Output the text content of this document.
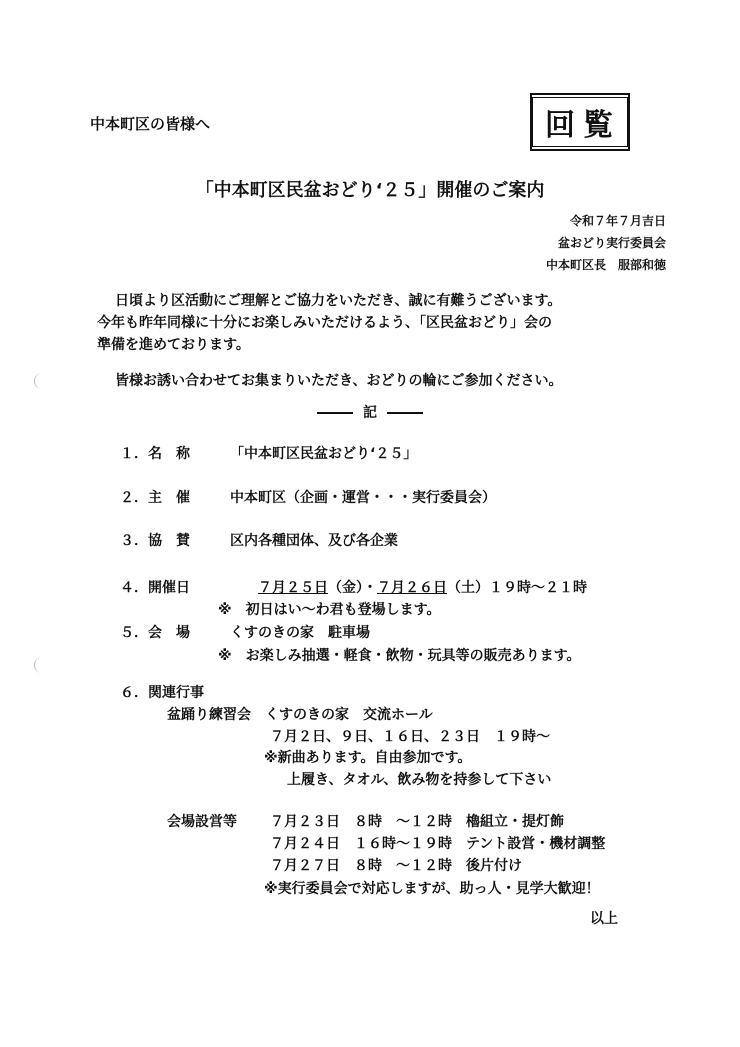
中本町区の皆様へ	回覧
「中本町区民盆おどり‘２５」開催のご案内
令和７年７月吉日
盆おどり実行委員会
中本町区長　服部和徳
日頃より区活動にご理解とご協力をいただき、誠に有難うございます。
今年も昨年同様に十分にお楽しみいただけるよう、「区民盆おどり」会の
準備を進めております。
皆様お誘い合わせてお集まりいただき、おどりの輪にご参加ください。
記
１．名　称	「中本町区民盆おどり‘２５」
２．主　催	中本町区（企画・運営・・・実行委員会）
３．協　賛	区内各種団体、及び各企業
４．開催日	７月２５日（金）・７月２６日（土）１９時～２１時
※　初日はい～わ君も登場します。
５．会　場	くすのきの家　駐車場
※　お楽しみ抽選・軽食・飲物・玩具等の販売あります。
６．関連行事
盆踊り練習会　 くすのきの家　交流ホール
７月２日、９日、１６日、２３日　１９時～
※新曲あります。自由参加です。
上履き、タオル、飲み物を持参して下さい
会場設営等 ７月２３日　８時　～１２時　櫓組立・提灯飾
７月２４日　１６時～１９時　テント設営・機材調整
７月２７日　８時　～１２時　後片付け
※実行委員会で対応しますが、助っ人・見学大歓迎！
以上
